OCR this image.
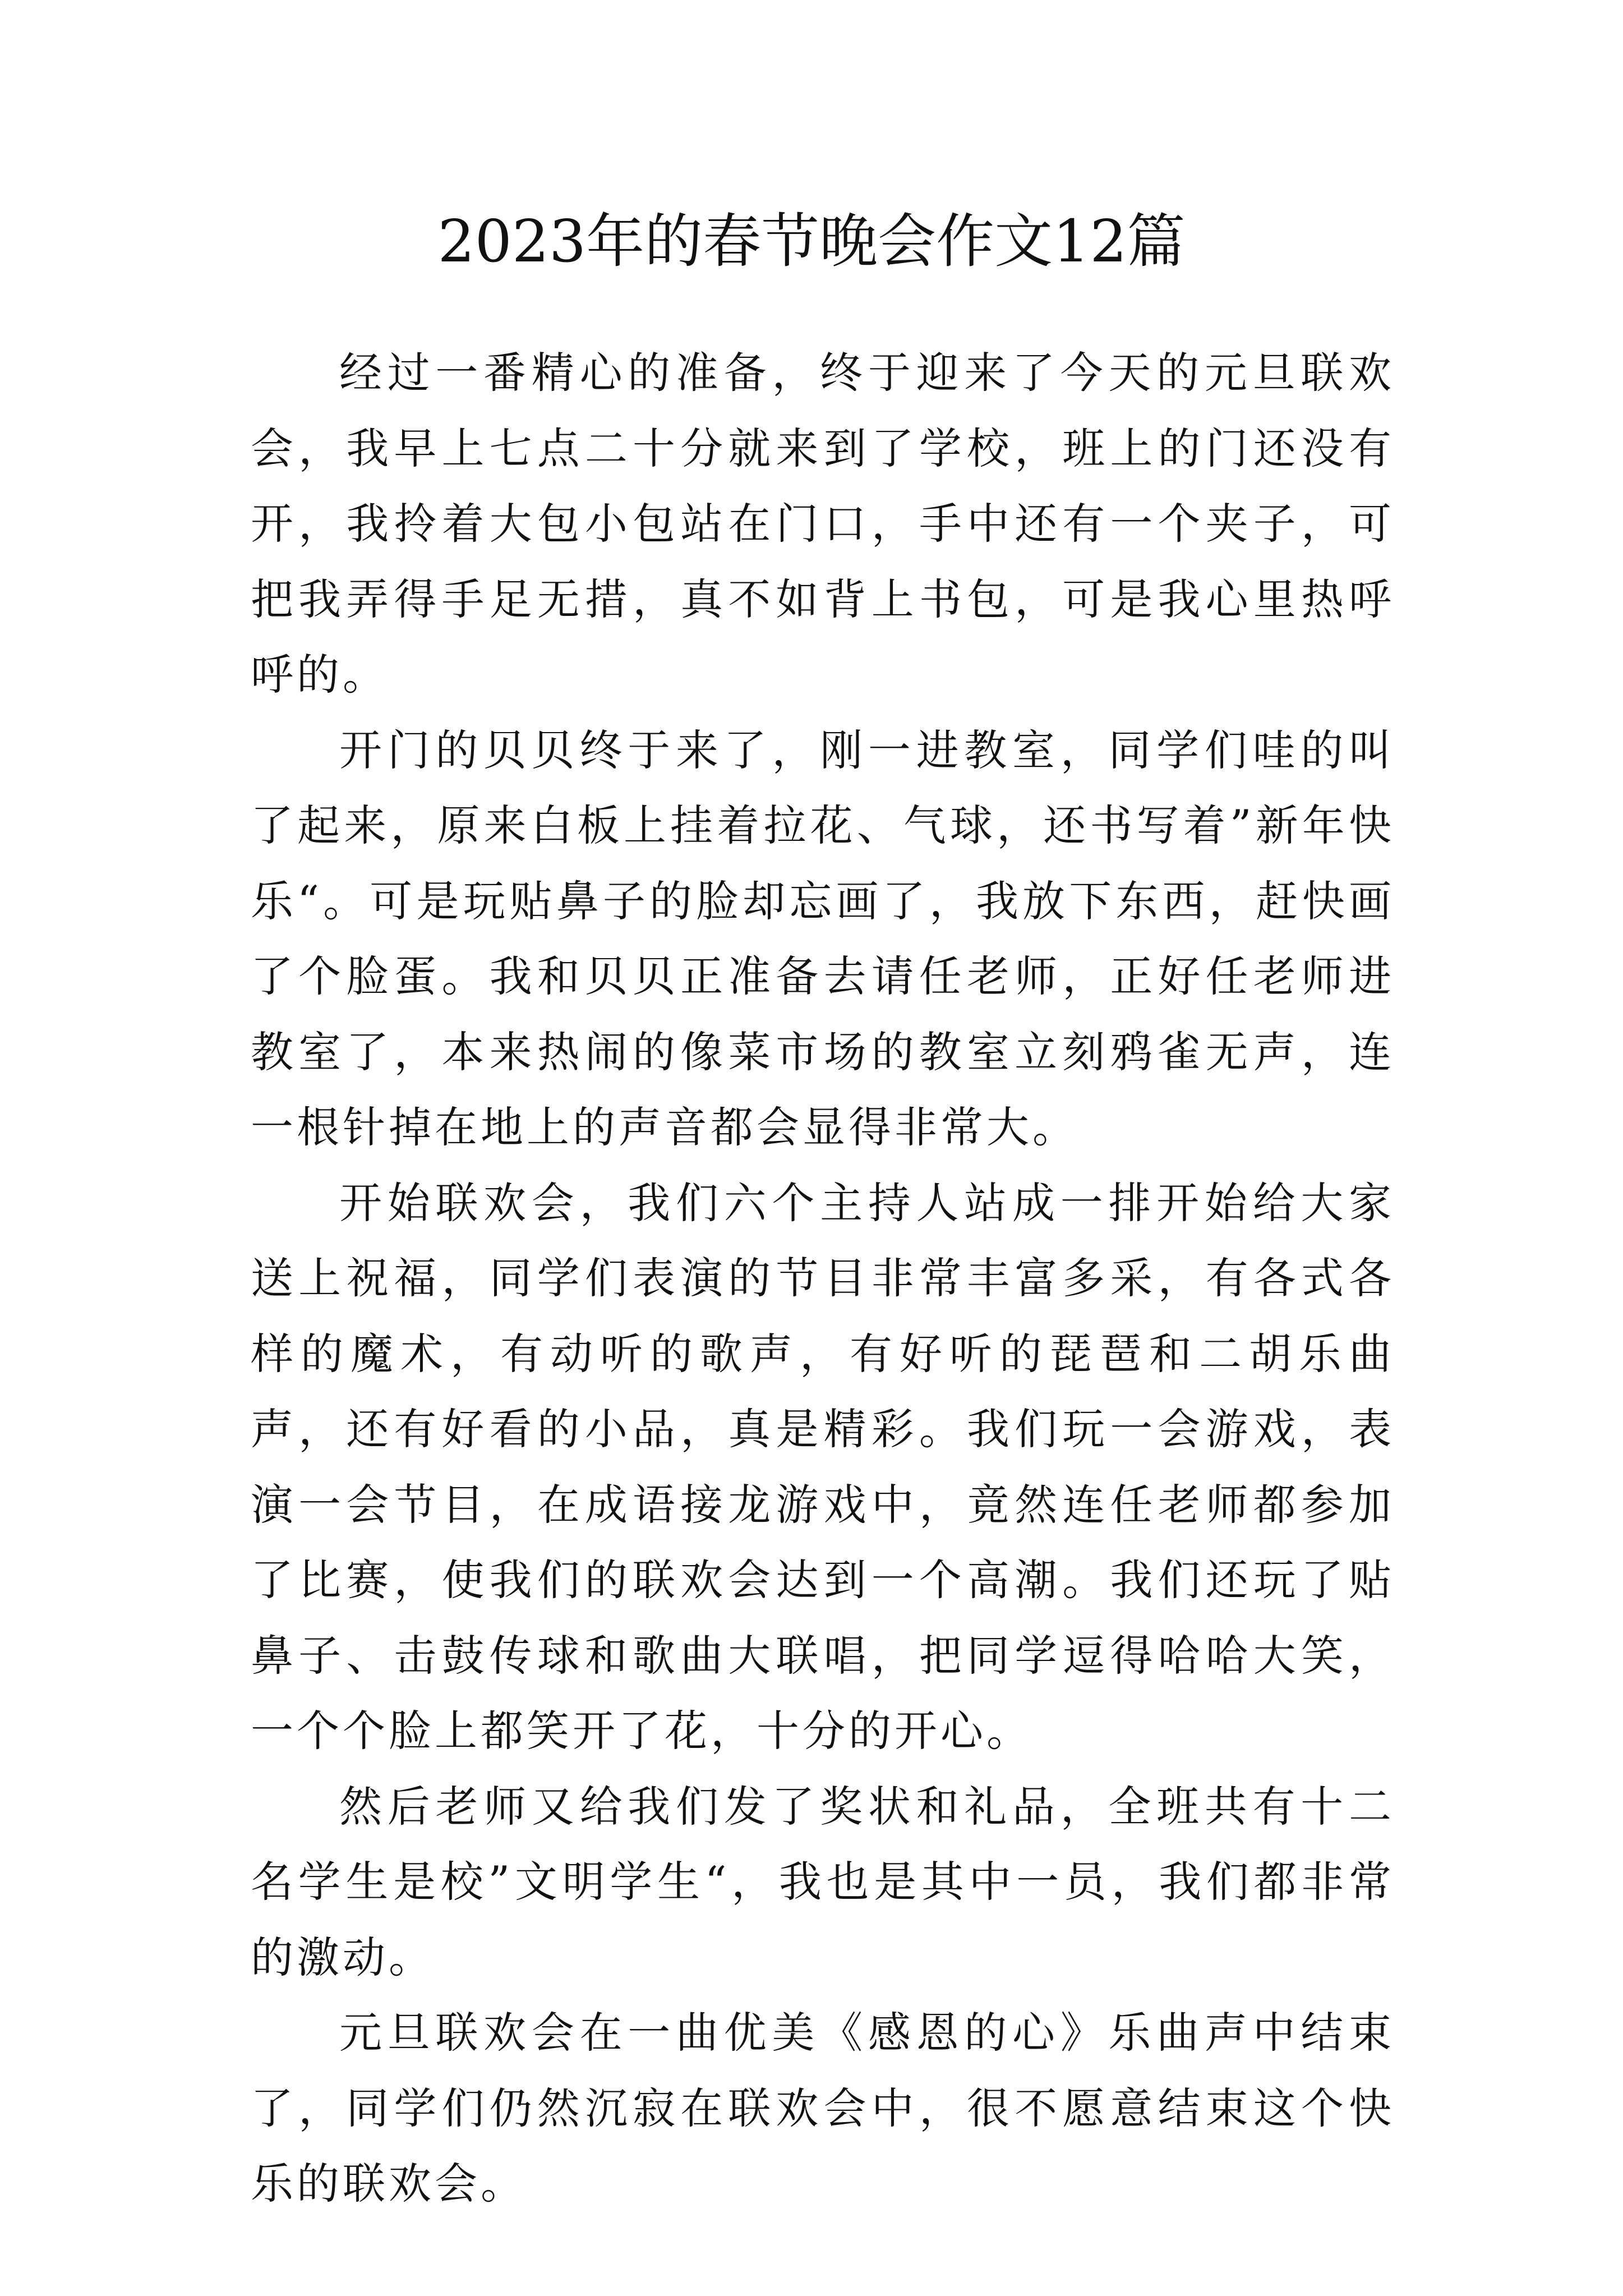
2023年的春节晚会作文12篇

经过一番精心的准备，终于迎来了今天的元旦联欢会，我早上七点二十分就来到了学校，班上的门还没有开，我拎着大包小包站在门口，手中还有一个夹子，可把我弄得手足无措，真不如背上书包，可是我心里热呼呼的。

开门的贝贝终于来了，刚一进教室，同学们哇的叫了起来，原来白板上挂着拉花、气球，还书写着”新年快乐“。可是玩贴鼻子的脸却忘画了，我放下东西，赶快画了个脸蛋。我和贝贝正准备去请任老师，正好任老师进教室了，本来热闹的像菜市场的教室立刻鸦雀无声，连一根针掉在地上的声音都会显得非常大。

开始联欢会，我们六个主持人站成一排开始给大家送上祝福，同学们表演的节目非常丰富多采，有各式各样的魔术，有动听的歌声，有好听的琵琶和二胡乐曲声，还有好看的小品，真是精彩。我们玩一会游戏，表演一会节目，在成语接龙游戏中，竟然连任老师都参加了比赛，使我们的联欢会达到一个高潮。我们还玩了贴鼻子、击鼓传球和歌曲大联唱，把同学逗得哈哈大笑，一个个脸上都笑开了花，十分的开心。

然后老师又给我们发了奖状和礼品，全班共有十二名学生是校”文明学生“，我也是其中一员，我们都非常的激动。

元旦联欢会在一曲优美《感恩的心》乐曲声中结束了，同学们仍然沉寂在联欢会中，很不愿意结束这个快乐的联欢会。
